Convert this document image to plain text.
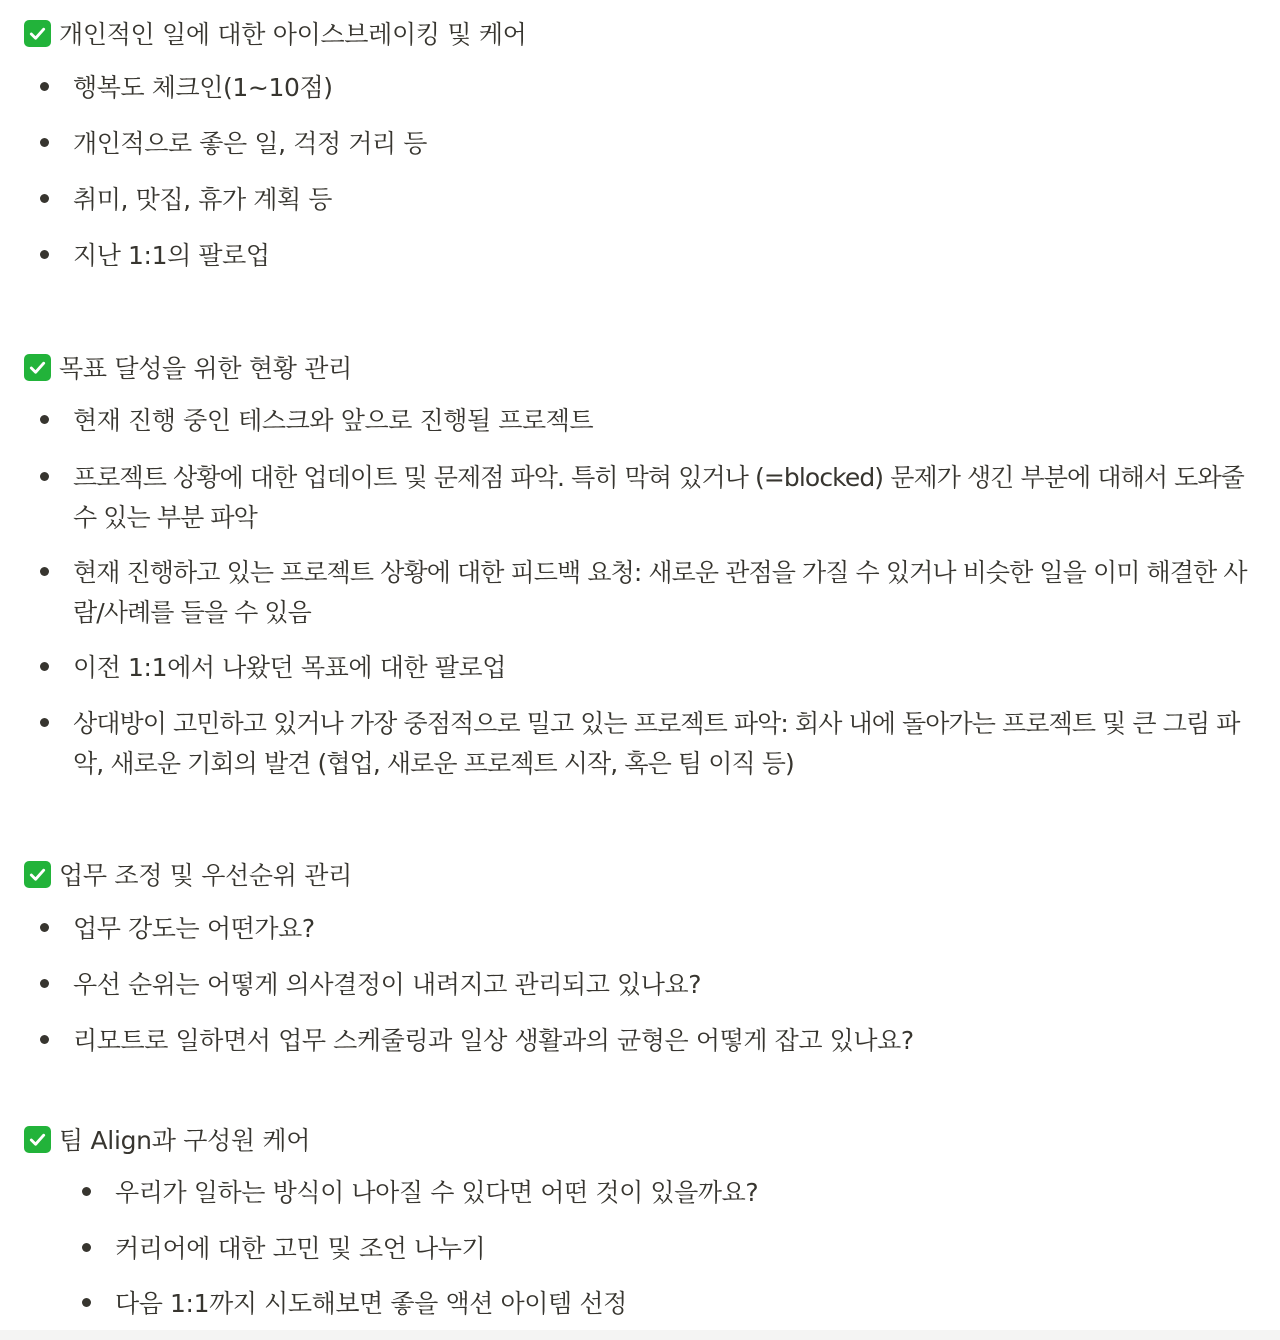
개인적인 일에 대한 아이스브레이킹 및 케어
행복도 체크인(1~10점)
개인적으로 좋은 일, 걱정 거리 등
취미, 맛집, 휴가 계획 등
지난 1:1의 팔로업
목표 달성을 위한 현황 관리
현재 진행 중인 테스크와 앞으로 진행될 프로젝트
프로젝트 상황에 대한 업데이트 및 문제점 파악. 특히 막혀 있거나 (=blocked) 문제가 생긴 부분에 대해서 도와줄 수 있는 부분 파악
현재 진행하고 있는 프로젝트 상황에 대한 피드백 요청: 새로운 관점을 가질 수 있거나 비슷한 일을 이미 해결한 사람/사례를 들을 수 있음
이전 1:1에서 나왔던 목표에 대한 팔로업
상대방이 고민하고 있거나 가장 중점적으로 밀고 있는 프로젝트 파악: 회사 내에 돌아가는 프로젝트 및 큰 그림 파악, 새로운 기회의 발견 (협업, 새로운 프로젝트 시작, 혹은 팀 이직 등)
업무 조정 및 우선순위 관리
업무 강도는 어떤가요?
우선 순위는 어떻게 의사결정이 내려지고 관리되고 있나요?
리모트로 일하면서 업무 스케줄링과 일상 생활과의 균형은 어떻게 잡고 있나요?
팀 Align과 구성원 케어
우리가 일하는 방식이 나아질 수 있다면 어떤 것이 있을까요?
커리어에 대한 고민 및 조언 나누기
다음 1:1까지 시도해보면 좋을 액션 아이템 선정
